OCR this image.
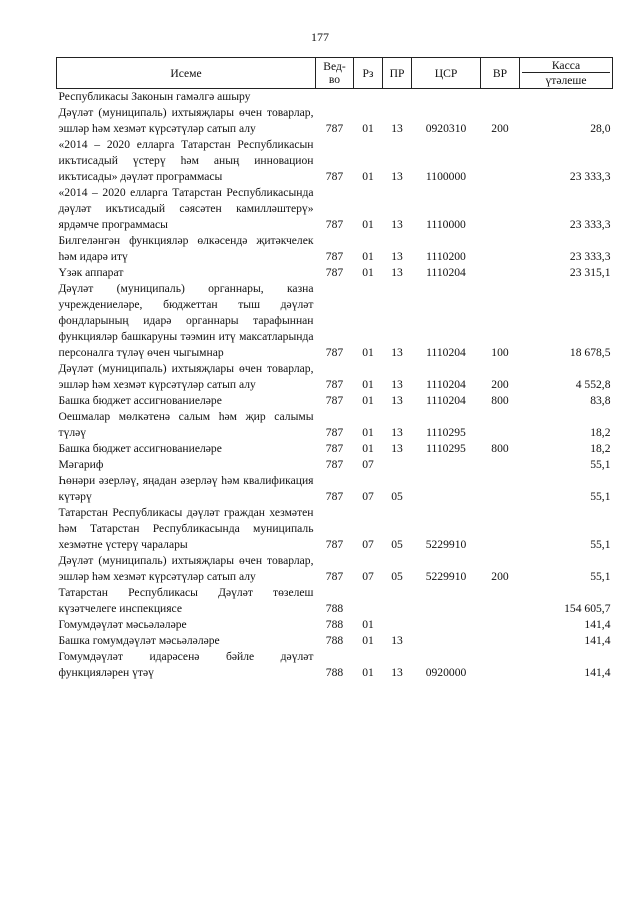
177
Исеме	Вед-во	Рз	ПР	ЦСР	ВР	Касса
үтәлеше
Республикасы Законын гамәлгә ашыру						
Дәүләт (муниципаль) ихтыяҗлары өчен товарлар, эшләр һәм хезмәт күрсәтүләр сатып алу	787	01	13	0920310	200	28,0
«2014 – 2020 елларга Татарстан Республикасын икътисадый үстерү һәм аның инновацион икътисады» дәүләт программасы	787	01	13	1100000		23 333,3
«2014 – 2020 елларга Татарстан Республикасында дәүләт икътисадый сәясәтен камилләштерү» ярдәмче программасы	787	01	13	1110000		23 333,3
Билгеләнгән функцияләр өлкәсендә җитәкчелек һәм идарә итү	787	01	13	1110200		23 333,3
Үзәк аппарат	787	01	13	1110204		23 315,1
Дәүләт (муниципаль) органнары, казна учреждениеләре, бюджеттан тыш дәүләт фондларының идарә органнары тарафыннан функцияләр башкаруны тәэмин итү максатларында персоналга түләү өчен чыгымнар	787	01	13	1110204	100	18 678,5
Дәүләт (муниципаль) ихтыяҗлары өчен товарлар, эшләр һәм хезмәт күрсәтүләр сатып алу	787	01	13	1110204	200	4 552,8
Башка бюджет ассигнованиеләре	787	01	13	1110204	800	83,8
Оешмалар мөлкәтенә салым һәм җир салымы түләү	787	01	13	1110295		18,2
Башка бюджет ассигнованиеләре	787	01	13	1110295	800	18,2
Мәгариф	787	07				55,1
Һөнәри әзерләү, яңадан әзерләү һәм квалификация күтәрү	787	07	05			55,1
Татарстан Республикасы дәүләт граждан хезмәтен һәм Татарстан Республикасында муниципаль хезмәтне үстерү чаралары	787	07	05	5229910		55,1
Дәүләт (муниципаль) ихтыяҗлары өчен товарлар, эшләр һәм хезмәт күрсәтүләр сатып алу	787	07	05	5229910	200	55,1
Татарстан Республикасы Дәүләт төзелеш күзәтчелеге инспекциясе	788					154 605,7
Гомумдәүләт мәсьәләләре	788	01				141,4
Башка гомумдәүләт мәсьәләләре	788	01	13			141,4
Гомумдәүләт идарәсенә бәйле дәүләт функцияләрен үтәү	788	01	13	0920000		141,4
